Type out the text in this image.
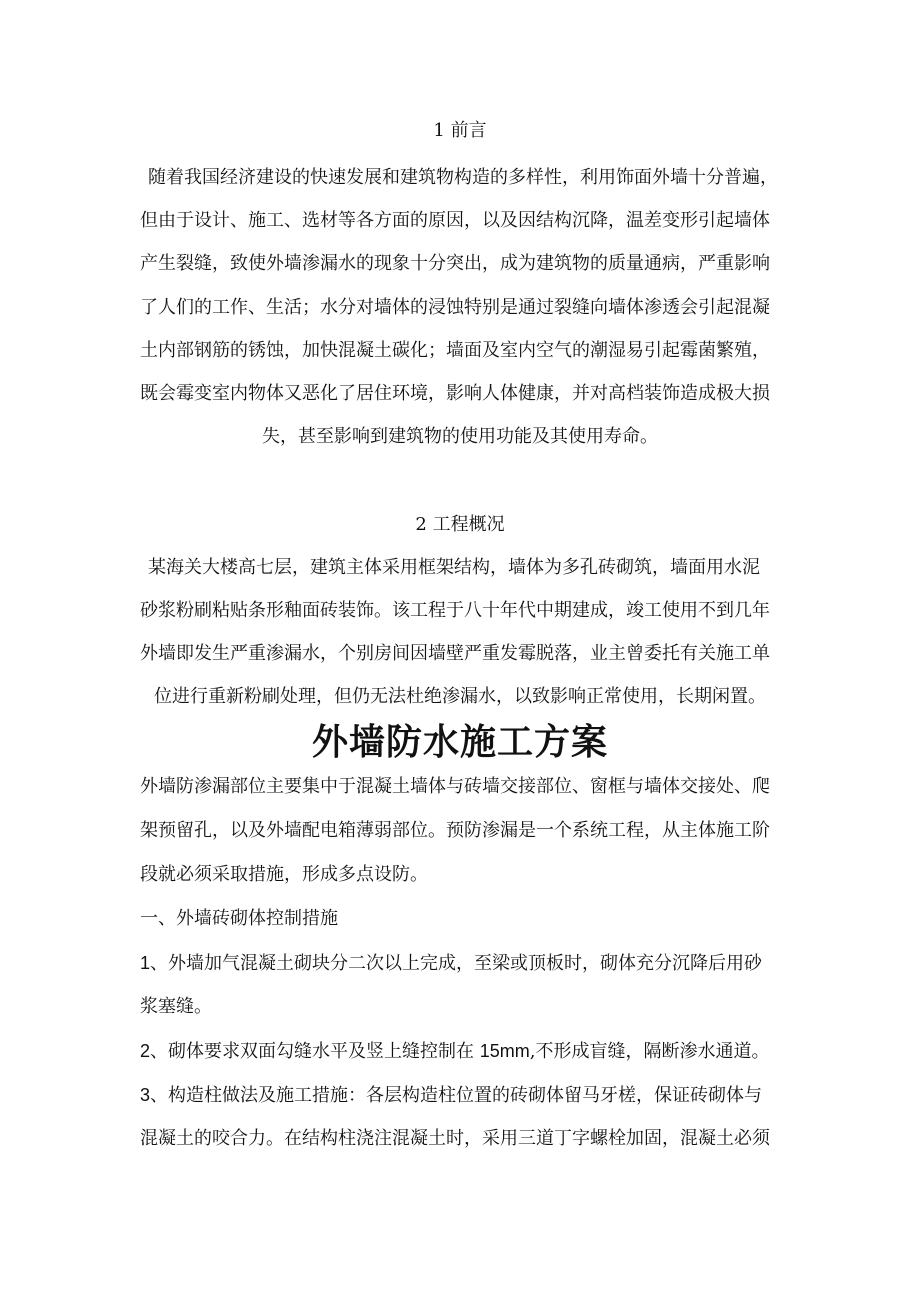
1 前言
随着我国经济建设的快速发展和建筑物构造的多样性，利用饰面外墙十分普遍，
但由于设计、施工、选材等各方面的原因，以及因结构沉降，温差变形引起墙体
产生裂缝，致使外墙渗漏水的现象十分突出，成为建筑物的质量通病，严重影响
了人们的工作、生活；水分对墙体的浸蚀特别是通过裂缝向墙体渗透会引起混凝
土内部钢筋的锈蚀，加快混凝土碳化；墙面及室内空气的潮湿易引起霉菌繁殖，
既会霉变室内物体又恶化了居住环境，影响人体健康，并对高档装饰造成极大损
失，甚至影响到建筑物的使用功能及其使用寿命。
2 工程概况
某海关大楼高七层，建筑主体采用框架结构，墙体为多孔砖砌筑，墙面用水泥
砂浆粉刷粘贴条形釉面砖装饰。该工程于八十年代中期建成，竣工使用不到几年
外墙即发生严重渗漏水，个别房间因墙壁严重发霉脱落，业主曾委托有关施工单
位进行重新粉刷处理，但仍无法杜绝渗漏水，以致影响正常使用，长期闲置。
外墙防水施工方案
外墙防渗漏部位主要集中于混凝土墙体与砖墙交接部位、窗框与墙体交接处、爬
架预留孔，以及外墙配电箱薄弱部位。预防渗漏是一个系统工程，从主体施工阶
段就必须采取措施，形成多点设防。
一、外墙砖砌体控制措施
1、外墙加气混凝土砌块分二次以上完成，至梁或顶板时，砌体充分沉降后用砂
浆塞缝。
2、砌体要求双面勾缝水平及竖上缝控制在 15mm,不形成盲缝，隔断渗水通道。
3、构造柱做法及施工措施：各层构造柱位置的砖砌体留马牙槎，保证砖砌体与
混凝土的咬合力。在结构柱浇注混凝土时，采用三道丁字螺栓加固，混凝土必须
